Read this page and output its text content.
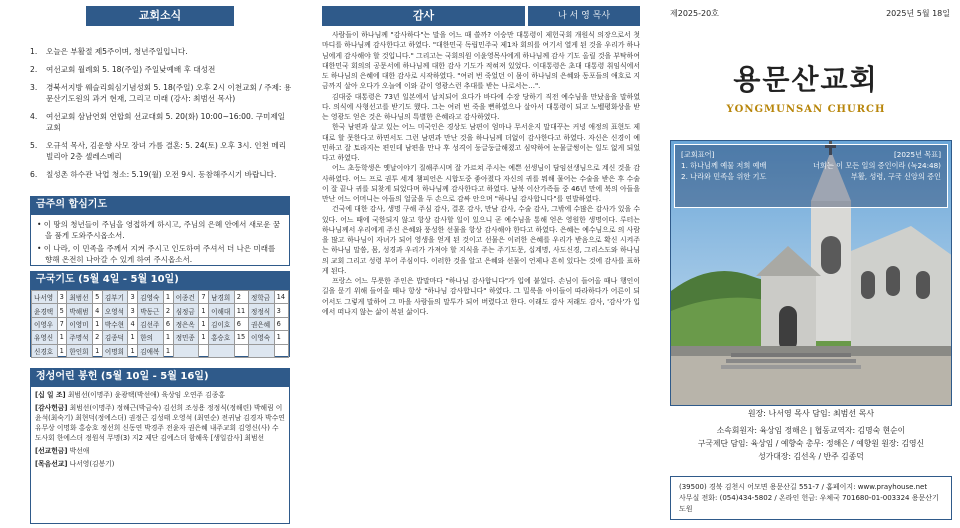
교회소식
1.	오늘은 부활절 제5주이며, 청년주일입니다.
2.	여선교회 월례회 5. 18(주일) 주일낮예배 후 대성전
3.	경북서지방 웨슬리회심기념성회 5. 18(주일) 오후 2시 이천교회 / 주제: 용문산기도원의 과거 현재, 그리고 미래 (강사: 최범선 목사)
4.	여선교회 삼남연회 연합회 선교대회 5. 20(화) 10:00~16:00. 구미제일교회
5.	오규석 목사, 김운향 사모 장녀 가름 결혼: 5. 24(토) 오후 3시. 인천 메리빌리아 2층 셀레스메리
6.	칠성촌 하수관 낙업 청소: 5.19(월) 오전 9시. 동참해주시기 바랍니다.
금주의 합심기도

• 이 땅의 청년들이 주님을 영접하게 하시고, 주님의 은혜 안에서 새로운 꿈을 품게 도와주시옵소서.

• 이 나라, 이 민족을 주께서 지켜 주시고 인도하여 주셔서 더 나은 미래를 향해 온전히 나아갈 수 있게 하여 주시옵소서.

구국기도 (5월 4일 - 5월 10일)
나서영	3	최범선	5	김부기	3	김영숙	1	이종건	7	남경희	2	정학금	14
윤경택	5	박해범	4	오영석	3	박동근	2	심정금	1	이해대	11	정정식	3
이영우	7	이영미	1	박수현	4	김선주	6	정은옥	1	김이호	6	권은혜	6
유영신	1	주명석	2	김종덕	1	한의	1	정민종	1	홍승호	15	이영숙	1
신경호	1	한인희	1	이명희	1	김애복	1						
정성어린 봉헌 (5월 10일 - 5월 16일)

[십 일 조] 최범선(이명주) 윤광택(박선애) 육상임 오연주 김종홍

[감사헌금] 최범선(이명주) 정해근(박금숙) 김선희 조성용 정정식(정해린) 박해림 이윤석(최숙기) 최현덕(정에스더) 권정근 김성태 오영석 (최연순) 전귀남 김경자 박수연 유무상 이명화 홍승호 정선희 신동연 박경주 전윤자 권은혜 내주교회 김영신(사) 수도사회 한에스더 정원석 무명(3) 지2 제단 김에스더 함해욱 [생일감사] 최범선

[선교헌금] 박선애

[목음선교] 나서영(김봉기)

감사	나 서 영 목사

사람들이 하나님께 "감사하다"는 말을 어느 때 쓸까? 이승만 대통령이 제헌국회 개원식 의장으로서 첫 마디를 하나님께 감사한다고 하였다. "대한민국 독립민주국 제1차 회의를 여기서 열게 된 것을 우리가 하나님에게 감사해야 할 것입니다." 그리고는 국회의원 이윤영목사에게 하나님께 감사 기도 올릴 것을 부탁하여 대한민국 회의의 공문서에 하나님께 대한 감사 기도가 적혀져 있었다. 이대통령은 초대 대통령 취임식에서도 하나님의 은혜에 대한 감사로 시작하였다. "여러 번 죽었던 이 몸이 하나님의 은혜와 동포들의 애호로 지금까지 살아 오다가 오늘에 이와 같이 영광스런 추대를 받는 나로서는…".

김대중 대통령은 73년 일본에서 납치되어 요다가 바다에 수장 당하기 직전 예수님을 만났음을 말하였다. 의식에 사형선고를 받기도 했다. 그는 여러 번 죽을 뻔하였으나 살아서 대통령이 되고 노벨평화상을 받는 영광도 얻은 것은 하나님의 특별한 은혜라고 감사하였다.

한국 남편과 살고 있는 어느 미국인은 경상도 남편이 엄마나 무서운지 말대꾸는 커녕 애정의 표현도 제대로 할 못한다고 하면서도 그런 남편과 만난 것을 하나님께 더없이 감사한다고 하였다. 자신은 신경이 예민하고 잘 토라지는 편인데 남편을 만나 후 성격이 둥글둥글해졌고 심약하여 눈물글썽이는 일도 없게 되었다고 하였다.

어느 초등학생은 옛날이야기 질해주시며 잘 가르쳐 주시는 예쁜 선생님이 담임선생님으로 계신 것을 감사하였다. 어느 프로 권투 세계 챔피언은 시합도중 좋아졌다 자신의 귀를 뭐해 물어는 수술을 받은 후 수술이 잘 끝나 귀를 되찾게 되었다며 하나님께 감사한다고 하였다. 남북 이산가족들 중 46년 만에 북의 아들을 만난 어느 어머니는 아들의 얼굴을 두 손으로 감싸 안으며 "하나님 감사합니다"를 연발하였다.

건국에 대한 감사, 생명 구해 주심 감사, 결혼 감사, 만남 감사, 수술 감사, 그밖에 수많은 감사가 있을 수 있다. 어느 때에 국한되지 않고 항상 감사할 일이 있으니 곧 예수님을 통해 얻은 영원한 생명이다. 루터는 하나님께서 우리에게 주신 은혜와 풍성한 선물을 항상 감사해야 한다고 하였다. 은혜는 예수님으로 의 사람을 많고 하나님이 자녀가 되어 영생을 얻게 된 것이고 선물은 이러한 은혜를 우리가 받음으로 확신 시켜주는 하나님 말씀, 몸, 성경과 우리가 가져야 할 지식을 주는 주기도문, 십계명, 사도신경, 그리스도와 하나님의 교회 그리고 성령 부어 주심이다. 이러한 것을 알고 은혜와 선물이 언제나 흔히 있다는 것에 감사를 표하게 된다.

프랑스 어느 무릇한 주인은 밥말마다 "하나님 감사합니다"가 입에 붙었다. 손님이 들어올 때나 행인이 길을 묻기 위해 들어올 때나 항상 "하나님 감사합니다" 하였다. 그 밀룩을 아이들이 따라하다가 어른이 되어서도 그렇게 말하여 그 마을 사람들의 말투가 되어 버렸다고 한다. 이래도 감사 저래도 감사, '감사'가 입에서 떠나지 않는 삶이 복된 삶이다.

제2025-20호	2025년 5월 18일
용문산교회
YONGMUNSAN CHURCH
[교회표어]	[2025년 목표]
1. 하나님께 예물 저희 예배	너희는 이 모든 일의 증인이라 (눅24:48)
2. 나라와 민족을 위한 기도	부활, 성령, 구국 신앙의 증인
원장: 나서영 목사 담임: 최범선 목사
소속회원자: 육상임 정해은 | 협동교역자: 김명숙 현순이
구국제단 담임: 육상임 / 예향숙 총무: 정해은 / 예향원 원장: 김영신
성가대장: 김선옥 / 반주 김종덕
(39500) 경북 김천시 어모면 용문산길 551-7 / 홈페이지: www.prayhouse.net
사무실 전화: (054)434-5802 / 온라인 헌금: 우체국 701680-01-003324 용문산기도원
